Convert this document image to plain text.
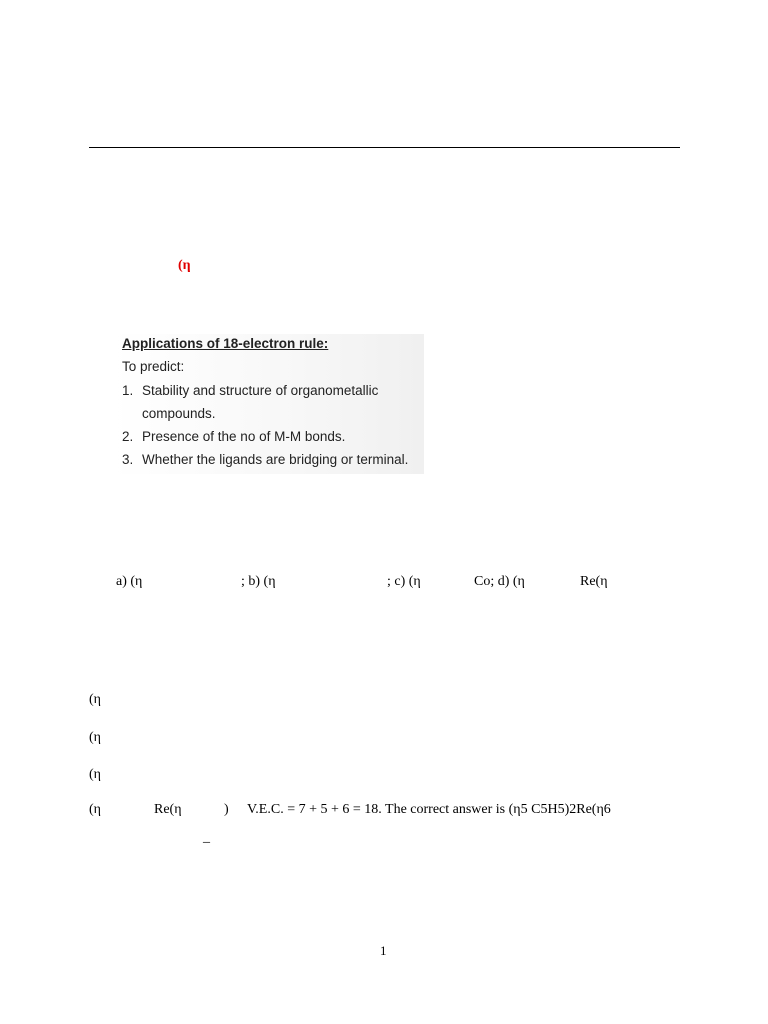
(η
Applications of 18-electron rule:
To predict:
1. Stability and structure of organometallic
compounds.
2. Presence of the no of M-M bonds.
3. Whether the ligands are bridging or terminal.
a) (η	; b) (η	; c) (η	Co; d) (η	Re(η
(η
(η
(η
(η	Re(η	) V.E.C. = 7 + 5 + 6 = 18. The correct answer is (η5 C5H5)2Re(η6
_
1
